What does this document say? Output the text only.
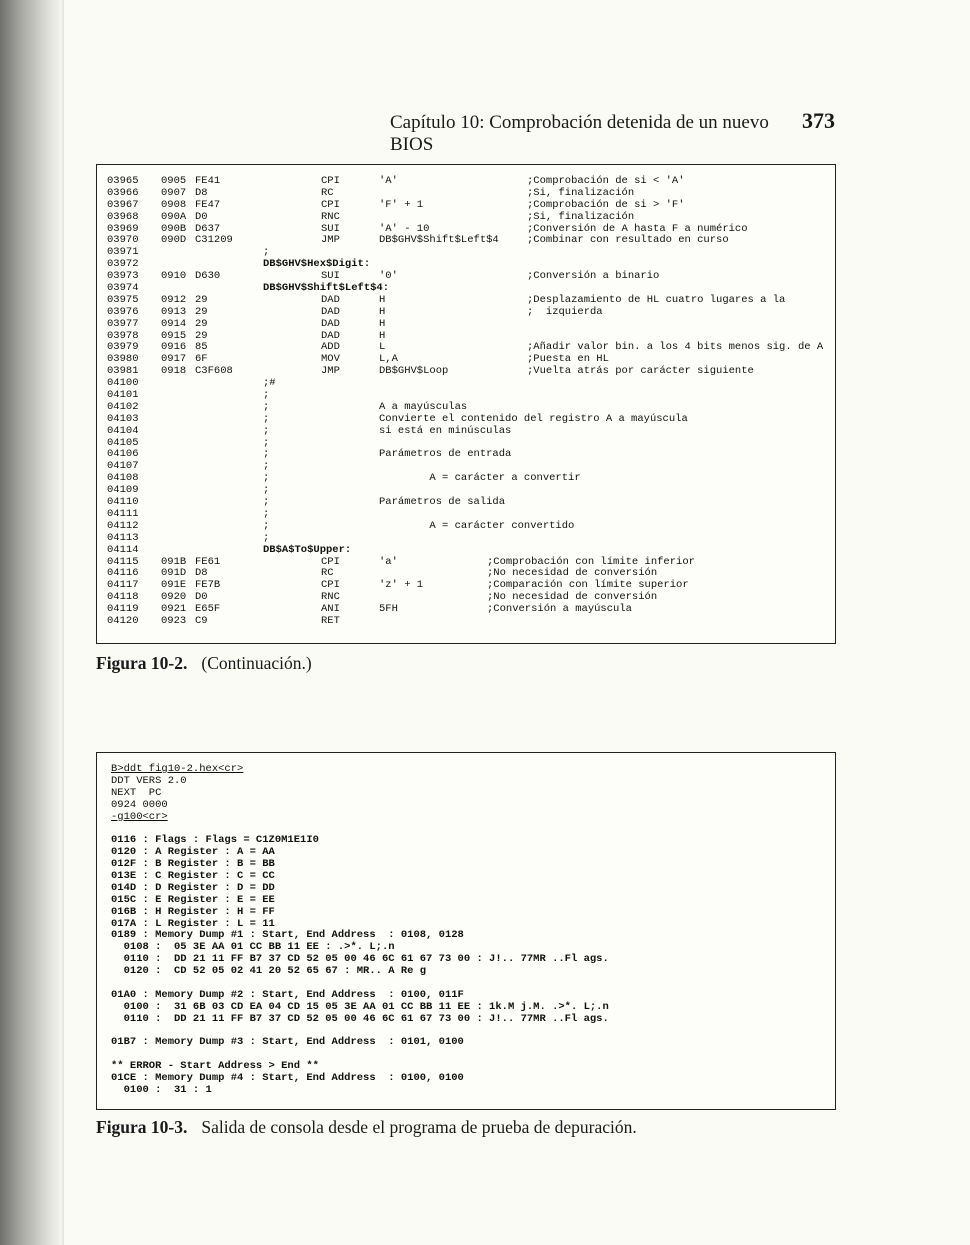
Capítulo 10: Comprobación detenida de un nuevo BIOS
373
03965 0905 FE41	CPI	'A'	;Comprobación de si < 'A'
03966 0907 D8	RC	;Si, finalización
03967 0908 FE47	CPI	'F' + 1	;Comprobación de si > 'F'
03968 090A D0	RNC	;Si, finalización
03969 090B D637	SUI	'A' - 10	;Conversión de A hasta F a numérico
03970 090D C31209	JMP	DB$GHV$Shift$Left$4	;Combinar con resultado en curso
03971	;
03972	DB$GHV$Hex$Digit:
03973 0910 D630	SUI	'0'	;Conversión a binario
03974	DB$GHV$Shift$Left$4:
03975 0912 29	DAD	H	;Desplazamiento de HL cuatro lugares a la
03976 0913 29	DAD	H	;  izquierda
03977 0914 29	DAD	H
03978 0915 29	DAD	H
03979 0916 85	ADD	L	;Añadir valor bin. a los 4 bits menos sig. de A
03980 0917 6F	MOV	L,A	;Puesta en HL
03981 0918 C3F608	JMP	DB$GHV$Loop	;Vuelta atrás por carácter siguiente
04100	;#
04101	;
04102	;	A a mayúsculas
04103	;	Convierte el contenido del registro A a mayúscula
04104	;	si está en minúsculas
04105	;
04106	;	Parámetros de entrada
04107	;
04108	;	A = carácter a convertir
04109	;
04110	;	Parámetros de salida
04111	;
04112	;	A = carácter convertido
04113	;
04114	DB$A$To$Upper:
04115 091B FE61	CPI	'a'	;Comprobación con límite inferior
04116 091D D8	RC	;No necesidad de conversión
04117 091E FE7B	CPI	'z' + 1	;Comparación con límite superior
04118 0920 D0	RNC	;No necesidad de conversión
04119 0921 E65F	ANI	5FH	;Conversión a mayúscula
04120 0923 C9	RET
Figura 10-2. (Continuación.)
B>ddt fig10-2.hex<cr>
DDT VERS 2.0
NEXT  PC
0924 0000
-g100<cr>
0116 : Flags : Flags = C1Z0M1E1I0
0120 : A Register : A = AA
012F : B Register : B = BB
013E : C Register : C = CC
014D : D Register : D = DD
015C : E Register : E = EE
016B : H Register : H = FF
017A : L Register : L = 11
0189 : Memory Dump #1 : Start, End Address  : 0108, 0128
0108 :  05 3E AA 01 CC BB 11 EE : .>*. L;.n
0110 :  DD 21 11 FF B7 37 CD 52 05 00 46 6C 61 67 73 00 : J!.. 77MR ..Fl ags.
0120 :  CD 52 05 02 41 20 52 65 67 : MR.. A Re g
01A0 : Memory Dump #2 : Start, End Address  : 0100, 011F
0100 :  31 6B 03 CD EA 04 CD 15 05 3E AA 01 CC BB 11 EE : 1k.M j.M. .>*. L;.n
0110 :  DD 21 11 FF B7 37 CD 52 05 00 46 6C 61 67 73 00 : J!.. 77MR ..Fl ags.
01B7 : Memory Dump #3 : Start, End Address  : 0101, 0100
** ERROR - Start Address > End **
01CE : Memory Dump #4 : Start, End Address  : 0100, 0100
0100 :  31 : 1
Figura 10-3. Salida de consola desde el programa de prueba de depuración.
